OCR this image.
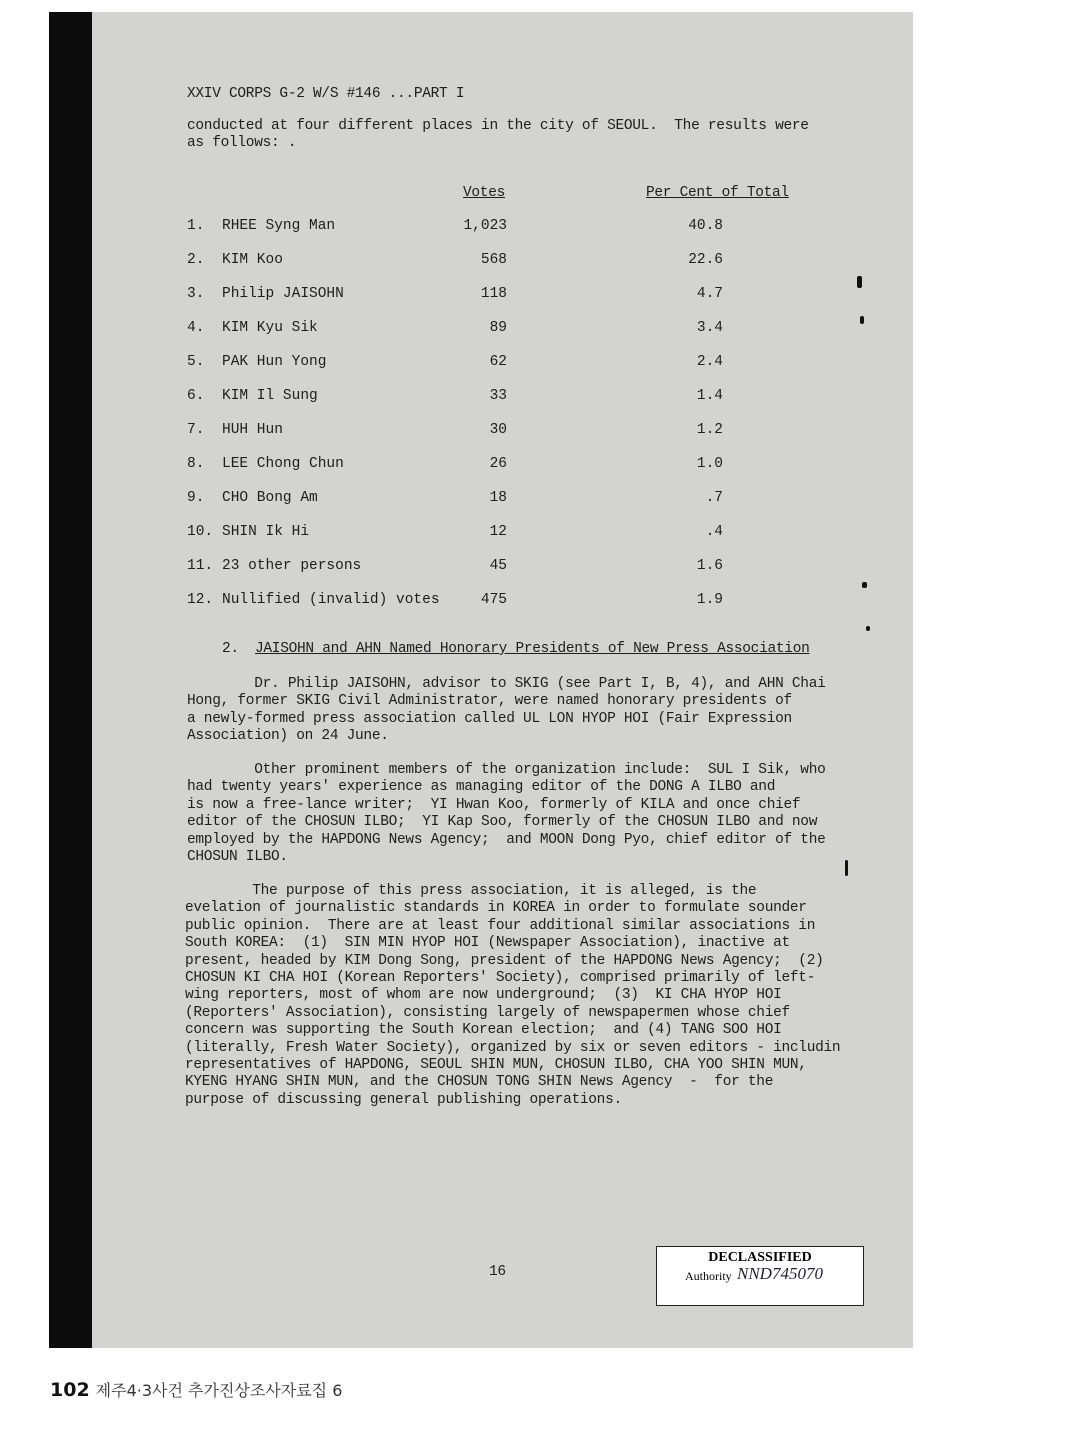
XXIV CORPS G-2 W/S #146 ...PART I
conducted at four different places in the city of SEOUL.  The results were
as follows: .
Votes	Per Cent of Total
1. RHEE Syng Man	1,023	40.8
2. KIM Koo	568	22.6
3. Philip JAISOHN	118	4.7
4. KIM Kyu Sik	89	3.4
5. PAK Hun Yong	62	2.4
6. KIM Il Sung	33	1.4
7. HUH Hun	30	1.2
8. LEE Chong Chun	26	1.0
9. CHO Bong Am	18	.7
10. SHIN Ik Hi	12	.4
11. 23 other persons	45	1.6
12. Nullified (invalid) votes	475	1.9
2. JAISOHN and AHN Named Honorary Presidents of New Press Association
Dr. Philip JAISOHN, advisor to SKIG (see Part I, B, 4), and AHN Chai
Hong, former SKIG Civil Administrator, were named honorary presidents of
a newly-formed press association called UL LON HYOP HOI (Fair Expression
Association) on 24 June.
Other prominent members of the organization include:  SUL I Sik, who
had twenty years' experience as managing editor of the DONG A ILBO and
is now a free-lance writer;  YI Hwan Koo, formerly of KILA and once chief
editor of the CHOSUN ILBO;  YI Kap Soo, formerly of the CHOSUN ILBO and now
employed by the HAPDONG News Agency;  and MOON Dong Pyo, chief editor of the
CHOSUN ILBO.
The purpose of this press association, it is alleged, is the
evelation of journalistic standards in KOREA in order to formulate sounder
public opinion.  There are at least four additional similar associations in
South KOREA:  (1)  SIN MIN HYOP HOI (Newspaper Association), inactive at
present, headed by KIM Dong Song, president of the HAPDONG News Agency;  (2)
CHOSUN KI CHA HOI (Korean Reporters' Society), comprised primarily of left-
wing reporters, most of whom are now underground;  (3)  KI CHA HYOP HOI
(Reporters' Association), consisting largely of newspapermen whose chief
concern was supporting the South Korean election;  and (4) TANG SOO HOI
(literally, Fresh Water Society), organized by six or seven editors - includin
representatives of HAPDONG, SEOUL SHIN MUN, CHOSUN ILBO, CHA YOO SHIN MUN,
KYENG HYANG SHIN MUN, and the CHOSUN TONG SHIN News Agency  -  for the
purpose of discussing general publishing operations.
16
DECLASSIFIED
Authority NND745070
102 제주4·3사건 추가진상조사자료집 6
